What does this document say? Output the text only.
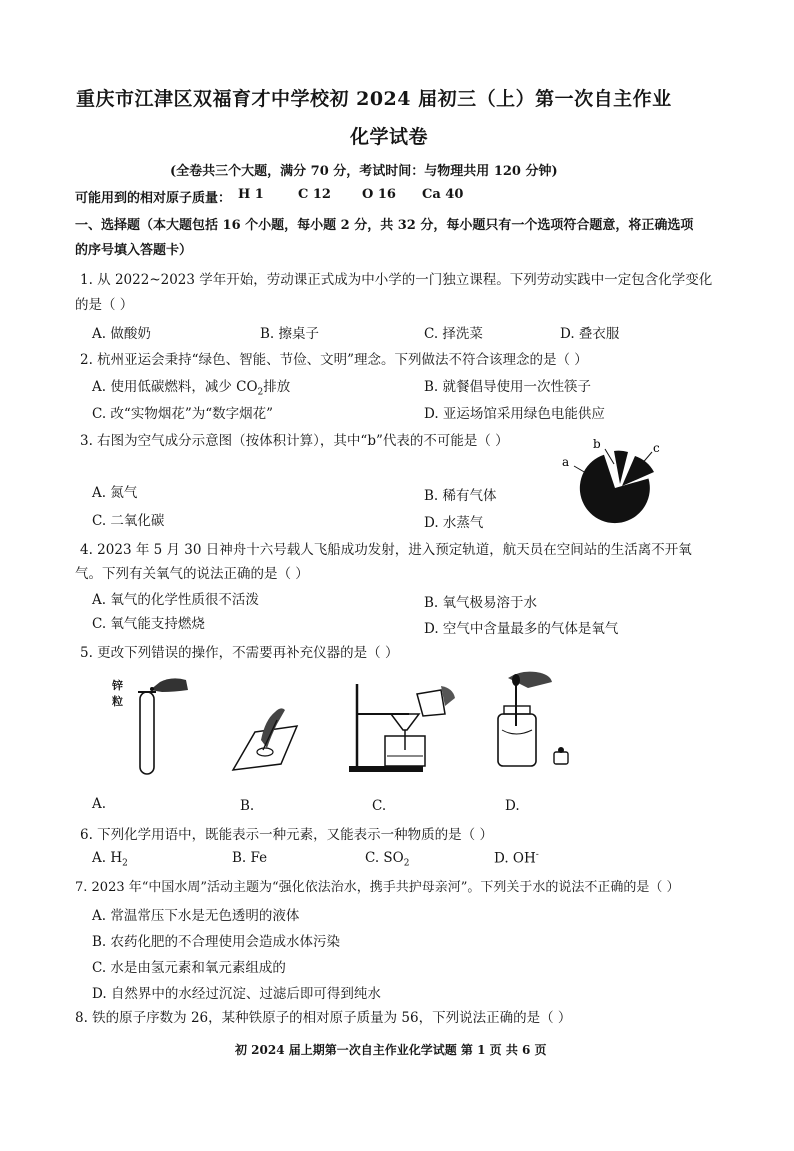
重庆市江津区双福育才中学校初 2024 届初三（上）第一次自主作业
化学试卷
(全卷共三个大题，满分 70 分，考试时间：与物理共用 120 分钟)
可能用到的相对原子质量： H 1	C 12 O 16 Ca 40
一、选择题（本大题包括 16 个小题，每小题 2 分，共 32 分，每小题只有一个选项符合题意，将正确选项
的序号填入答题卡）
1. 从 2022~2023 学年开始，劳动课正式成为中小学的一门独立课程。下列劳动实践中一定包含化学变化
的是（ ）
A. 做酸奶	B. 擦桌子	C. 择洗菜	D. 叠衣服
2. 杭州亚运会秉持“绿色、智能、节俭、文明”理念。下列做法不符合该理念的是（ ）
A. 使用低碳燃料，减少 $CO_2$排放	B. 就餐倡导使用一次性筷子
C. 改“实物烟花”为“数字烟花”	D. 亚运场馆采用绿色电能供应
3. 右图为空气成分示意图（按体积计算），其中“b”代表的不可能是（ ）
A. 氮气	B. 稀有气体
C. 二氧化碳	D. 水蒸气
a
b	c
4. 2023 年 5 月 30 日神舟十六号载人飞船成功发射，进入预定轨道，航天员在空间站的生活离不开氧
气。下列有关氧气的说法正确的是（ ）
A. 氧气的化学性质很不活泼	B. 氧气极易溶于水
C. 氧气能支持燃烧	D. 空气中含量最多的气体是氧气
5. 更改下列错误的操作，不需要再补充仪器的是（ ）
锌
粒
A.	B.	C.	D.
6. 下列化学用语中，既能表示一种元素，又能表示一种物质的是（ ）
A. $H_2$	B. Fe	C. $SO_2$	D. OH-
7. 2023 年“中国水周”活动主题为“强化依法治水，携手共护母亲河”。下列关于水的说法不正确的是（ ）
A. 常温常压下水是无色透明的液体
B. 农药化肥的不合理使用会造成水体污染
C. 水是由氢元素和氧元素组成的
D. 自然界中的水经过沉淀、过滤后即可得到纯水
8. 铁的原子序数为 26，某种铁原子的相对原子质量为 56，下列说法正确的是（ ）
初 2024 届上期第一次自主作业化学试题 第 1 页 共 6 页
